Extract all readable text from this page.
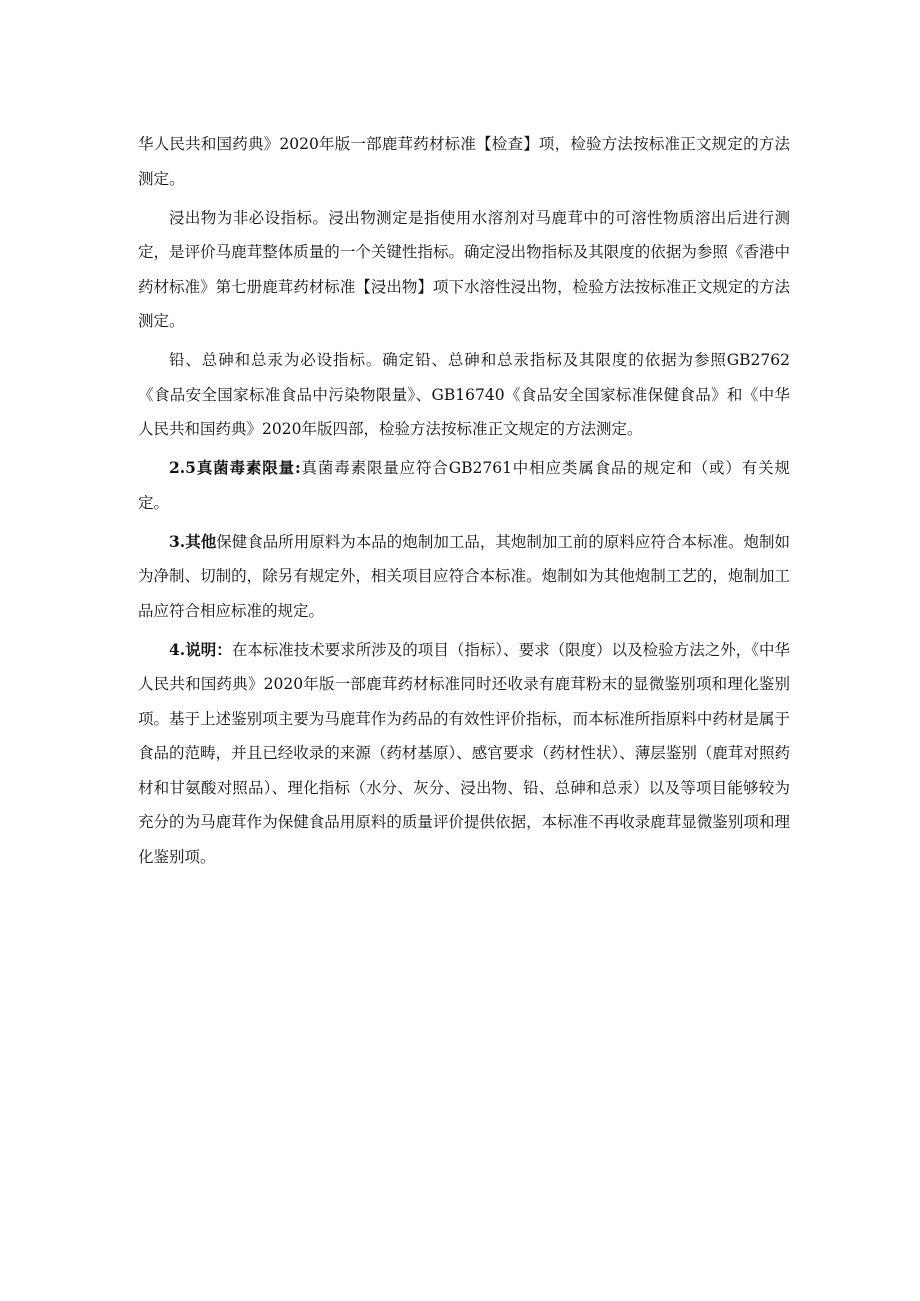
华人民共和国药典》2020年版一部鹿茸药材标准【检查】项，检验方法按标准正文规定的方法测定。

浸出物为非必设指标。浸出物测定是指使用水溶剂对马鹿茸中的可溶性物质溶出后进行测定，是评价马鹿茸整体质量的一个关键性指标。确定浸出物指标及其限度的依据为参照《香港中药材标准》第七册鹿茸药材标准【浸出物】项下水溶性浸出物，检验方法按标准正文规定的方法测定。

铅、总砷和总汞为必设指标。确定铅、总砷和总汞指标及其限度的依据为参照GB2762《食品安全国家标准食品中污染物限量》、GB16740《食品安全国家标准保健食品》和《中华人民共和国药典》2020年版四部，检验方法按标准正文规定的方法测定。

2.5真菌毒素限量:真菌毒素限量应符合GB2761中相应类属食品的规定和（或）有关规定。

3.其他保健食品所用原料为本品的炮制加工品，其炮制加工前的原料应符合本标准。炮制如为净制、切制的，除另有规定外，相关项目应符合本标准。炮制如为其他炮制工艺的，炮制加工品应符合相应标准的规定。

4.说明：在本标准技术要求所涉及的项目（指标）、要求（限度）以及检验方法之外，《中华人民共和国药典》2020年版一部鹿茸药材标准同时还收录有鹿茸粉末的显微鉴别项和理化鉴别项。基于上述鉴别项主要为马鹿茸作为药品的有效性评价指标，而本标准所指原料中药材是属于食品的范畴，并且已经收录的来源（药材基原）、感官要求（药材性状）、薄层鉴别（鹿茸对照药材和甘氨酸对照品）、理化指标（水分、灰分、浸出物、铅、总砷和总汞）以及等项目能够较为充分的为马鹿茸作为保健食品用原料的质量评价提供依据，本标准不再收录鹿茸显微鉴别项和理化鉴别项。
